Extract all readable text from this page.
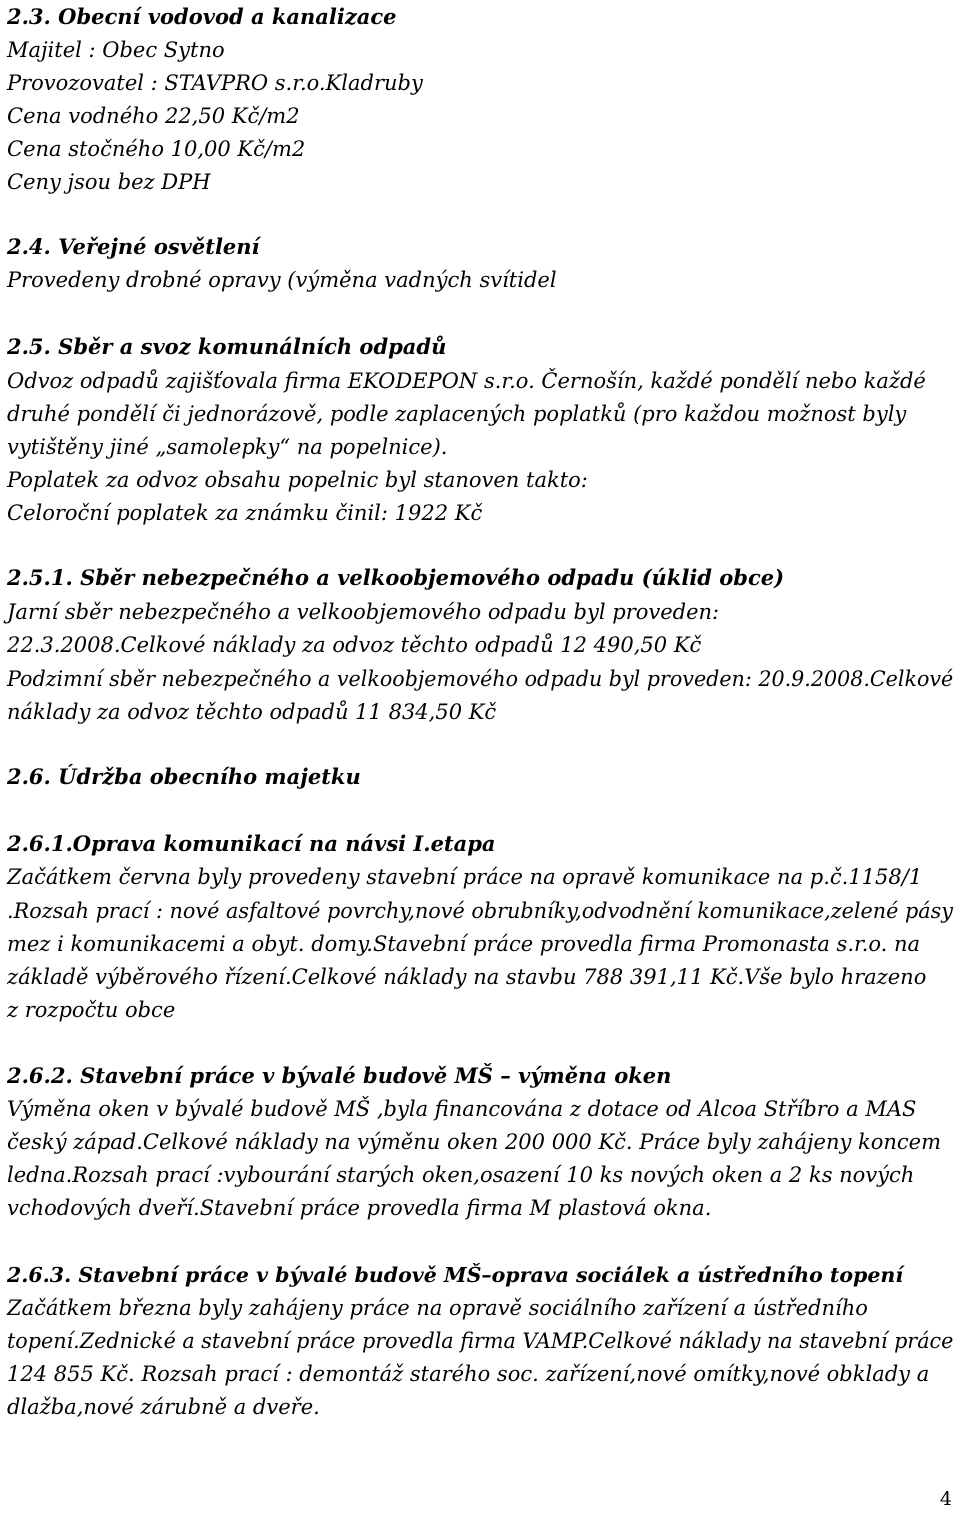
2.3. Obecní vodovod a kanalizace
Majitel : Obec Sytno
Provozovatel : STAVPRO s.r.o.Kladruby
Cena vodného 22,50 Kč/m2
Cena stočného 10,00 Kč/m2
Ceny jsou bez DPH
2.4. Veřejné osvětlení
Provedeny drobné opravy (výměna vadných svítidel
2.5. Sběr a svoz komunálních odpadů
Odvoz odpadů zajišťovala firma EKODEPON s.r.o. Černošín, každé pondělí nebo každé
druhé pondělí či jednorázově, podle zaplacených poplatků (pro každou možnost byly
vytištěny jiné „samolepky“ na popelnice).
Poplatek za odvoz obsahu popelnic byl stanoven takto:
Celoroční poplatek za známku činil: 1922 Kč
2.5.1. Sběr nebezpečného a velkoobjemového odpadu (úklid obce)
Jarní sběr nebezpečného a velkoobjemového odpadu byl proveden:
22.3.2008.Celkové náklady za odvoz těchto odpadů 12 490,50 Kč
Podzimní sběr nebezpečného a velkoobjemového odpadu byl proveden: 20.9.2008.Celkové
náklady za odvoz těchto odpadů 11 834,50 Kč
2.6. Údržba obecního majetku
2.6.1.Oprava komunikací na návsi I.etapa
Začátkem června byly provedeny stavební práce na opravě komunikace na p.č.1158/1
.Rozsah prací : nové asfaltové povrchy,nové obrubníky,odvodnění komunikace,zelené pásy
mez i komunikacemi a obyt. domy.Stavební práce provedla firma Promonasta s.r.o. na
základě výběrového řízení.Celkové náklady na stavbu 788 391,11 Kč.Vše bylo hrazeno
z rozpočtu obce
2.6.2. Stavební práce v bývalé budově MŠ – výměna oken
Výměna oken v bývalé budově MŠ ,byla financována z dotace od Alcoa Stříbro a MAS
český západ.Celkové náklady na výměnu oken 200 000 Kč. Práce byly zahájeny koncem
ledna.Rozsah prací :vybourání starých oken,osazení 10 ks nových oken a 2 ks nových
vchodových dveří.Stavební práce provedla firma M plastová okna.
2.6.3. Stavební práce v bývalé budově MŠ–oprava sociálek a ústředního topení
Začátkem března byly zahájeny práce na opravě sociálního zařízení a ústředního
topení.Zednické a stavební práce provedla firma VAMP.Celkové náklady na stavební práce
124 855 Kč. Rozsah prací : demontáž starého soc. zařízení,nové omítky,nové obklady a
dlažba,nové zárubně a dveře.
4
